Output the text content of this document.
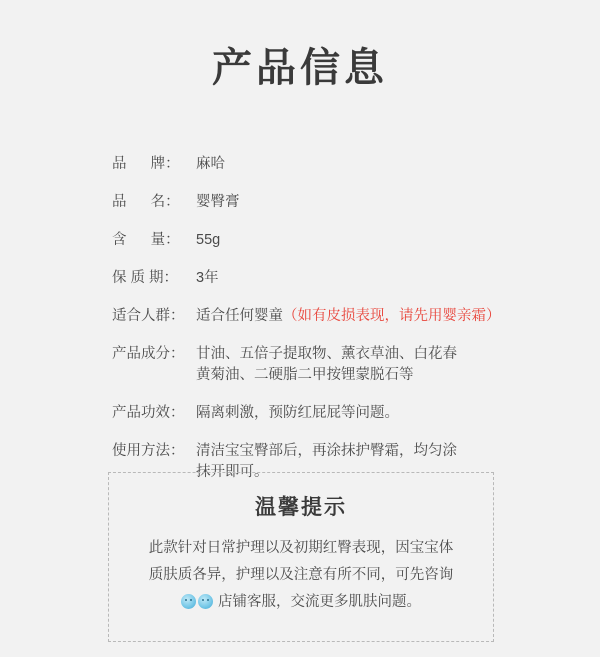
产品信息
品      牌：	麻哈
品      名：	婴臀膏
含      量：	55g
保 质 期：	3年
适合人群： 适合任何婴童（如有皮损表现，请先用婴亲霜）
产品成分： 甘油、五倍子提取物、薰衣草油、白花春
黄菊油、二硬脂二甲按锂蒙脱石等
产品功效： 隔离刺激，预防红屁屁等问题。
使用方法： 清洁宝宝臀部后，再涂抹护臀霜，均匀涂
抹开即可。
温馨提示
此款针对日常护理以及初期红臀表现，因宝宝体
质肤质各异，护理以及注意有所不同，可先咨询
店铺客服，交流更多肌肤问题。
